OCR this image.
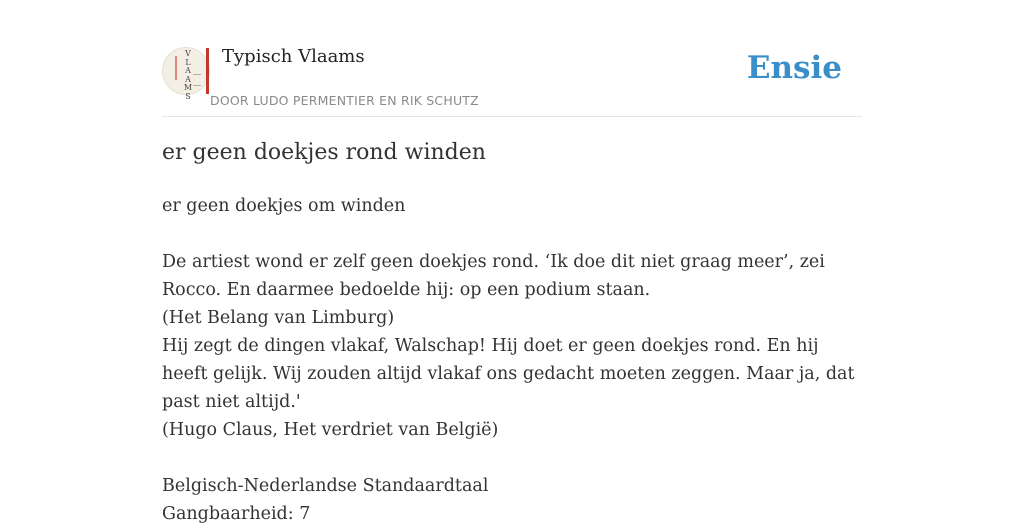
V
L
A
A
M
S
Typisch Vlaams
DOOR LUDO PERMENTIER EN RIK SCHUTZ
Ensie
er geen doekjes rond winden

er geen doekjes om winden

De artiest wond er zelf geen doekjes rond. ‘Ik doe dit niet graag meer’, zei Rocco. En daarmee bedoelde hij: op een podium staan.

(Het Belang van Limburg)

Hij zegt de dingen vlakaf, Walschap! Hij doet er geen doekjes rond. En hij heeft gelijk. Wij zouden altijd vlakaf ons gedacht moeten zeggen. Maar ja, dat past niet altijd.'

(Hugo Claus, Het verdriet van België)

Belgisch-Nederlandse Standaardtaal

Gangbaarheid: 7
